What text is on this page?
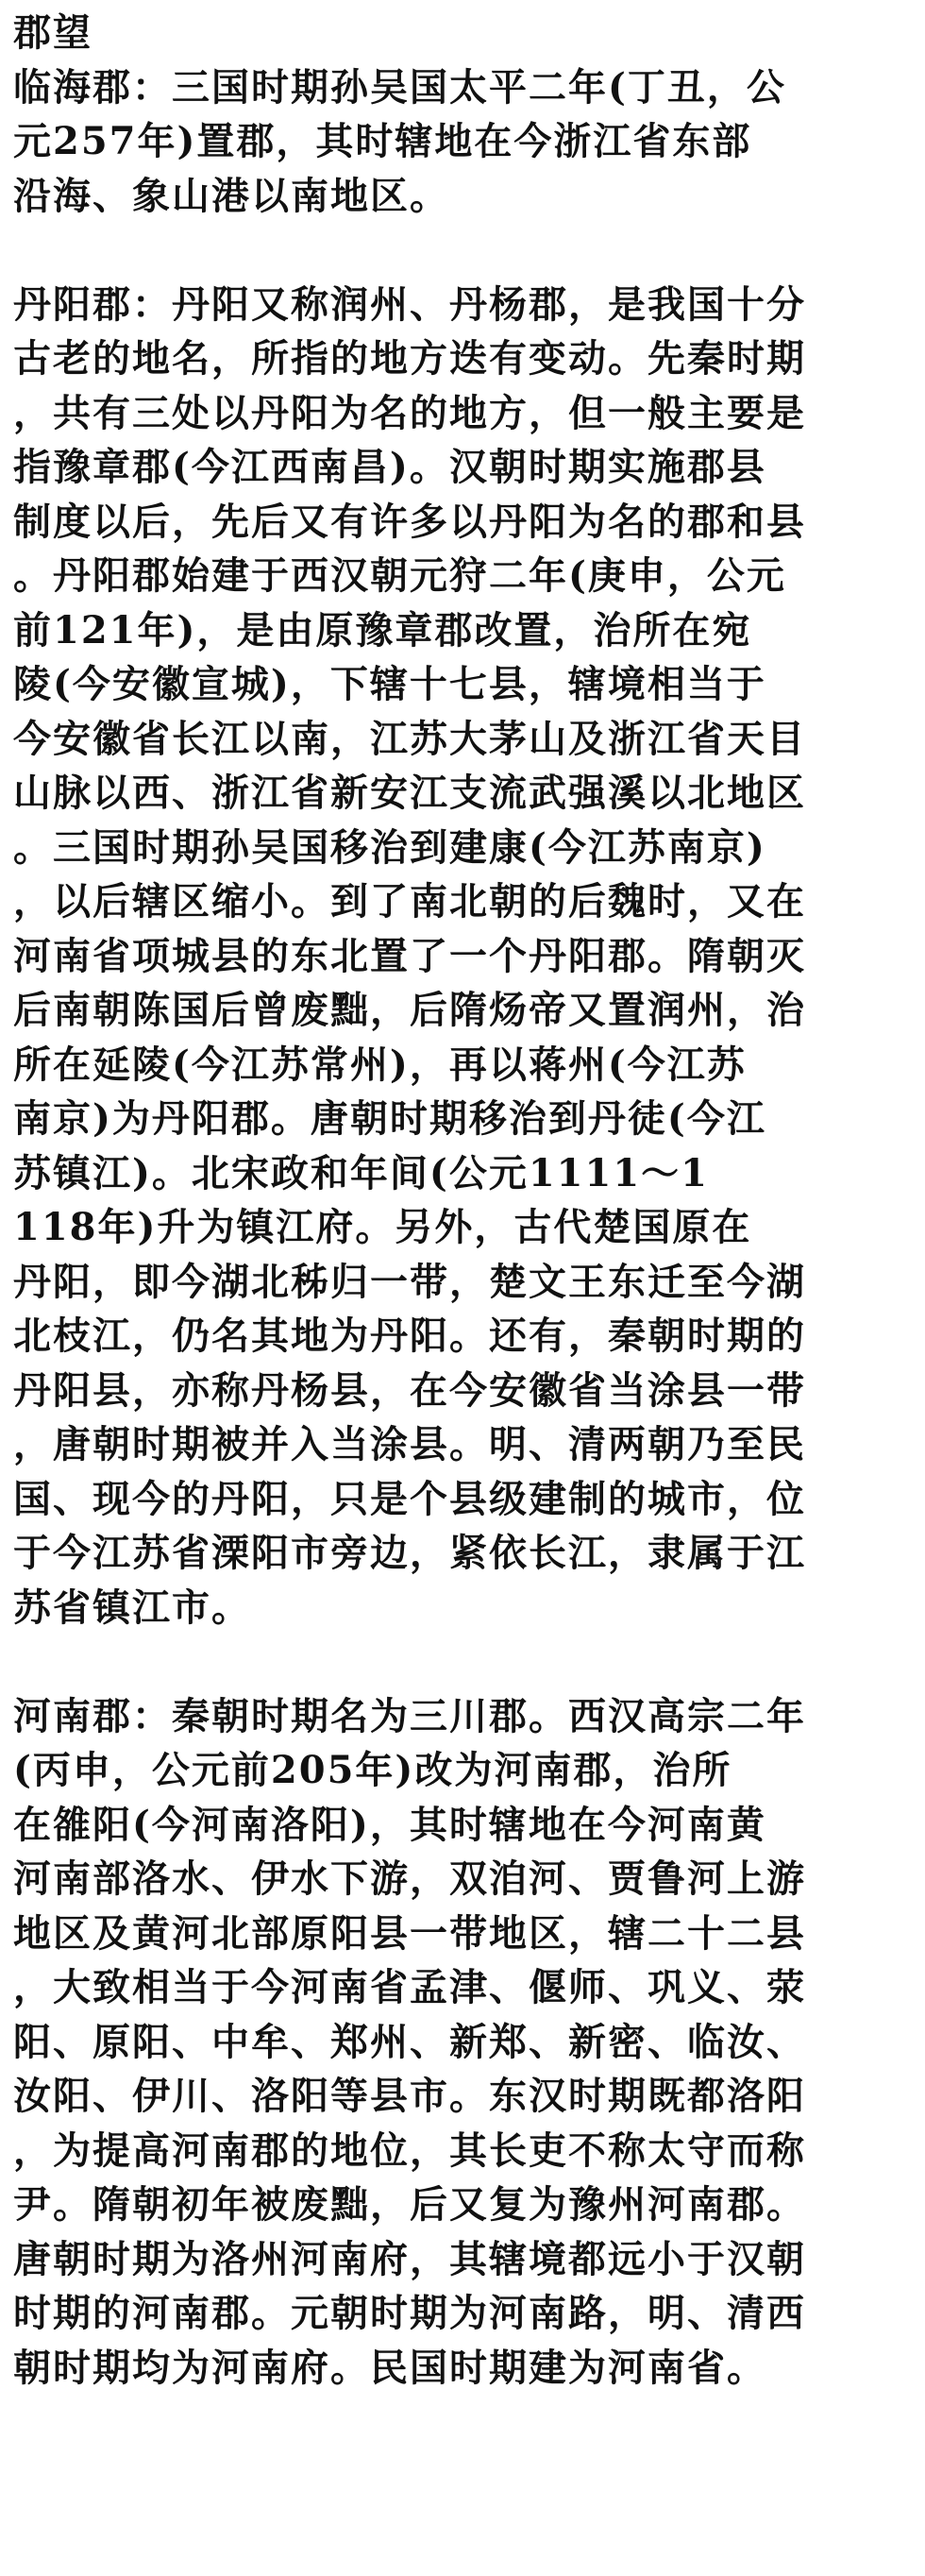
郡望
临海郡：三国时期孙吴国太平二年(丁丑，公
元257年)置郡，其时辖地在今浙江省东部
沿海、象山港以南地区。
丹阳郡：丹阳又称润州、丹杨郡，是我国十分
古老的地名，所指的地方迭有变动。先秦时期
，共有三处以丹阳为名的地方，但一般主要是
指豫章郡(今江西南昌)。汉朝时期实施郡县
制度以后，先后又有许多以丹阳为名的郡和县
。丹阳郡始建于西汉朝元狩二年(庚申，公元
前121年)，是由原豫章郡改置，治所在宛
陵(今安徽宣城)，下辖十七县，辖境相当于
今安徽省长江以南，江苏大茅山及浙江省天目
山脉以西、浙江省新安江支流武强溪以北地区
。三国时期孙吴国移治到建康(今江苏南京)
，以后辖区缩小。到了南北朝的后魏时，又在
河南省项城县的东北置了一个丹阳郡。隋朝灭
后南朝陈国后曾废黜，后隋炀帝又置润州，治
所在延陵(今江苏常州)，再以蒋州(今江苏
南京)为丹阳郡。唐朝时期移治到丹徒(今江
苏镇江)。北宋政和年间(公元1111～1
118年)升为镇江府。另外，古代楚国原在
丹阳，即今湖北秭归一带，楚文王东迁至今湖
北枝江，仍名其地为丹阳。还有，秦朝时期的
丹阳县，亦称丹杨县，在今安徽省当涂县一带
，唐朝时期被并入当涂县。明、清两朝乃至民
国、现今的丹阳，只是个县级建制的城市，位
于今江苏省溧阳市旁边，紧依长江，隶属于江
苏省镇江市。
河南郡：秦朝时期名为三川郡。西汉高宗二年
(丙申，公元前205年)改为河南郡，治所
在雒阳(今河南洛阳)，其时辖地在今河南黄
河南部洛水、伊水下游，双洎河、贾鲁河上游
地区及黄河北部原阳县一带地区，辖二十二县
，大致相当于今河南省孟津、偃师、巩义、荥
阳、原阳、中牟、郑州、新郑、新密、临汝、
汝阳、伊川、洛阳等县市。东汉时期既都洛阳
，为提高河南郡的地位，其长吏不称太守而称
尹。隋朝初年被废黜，后又复为豫州河南郡。
唐朝时期为洛州河南府，其辖境都远小于汉朝
时期的河南郡。元朝时期为河南路，明、清西
朝时期均为河南府。民国时期建为河南省。
